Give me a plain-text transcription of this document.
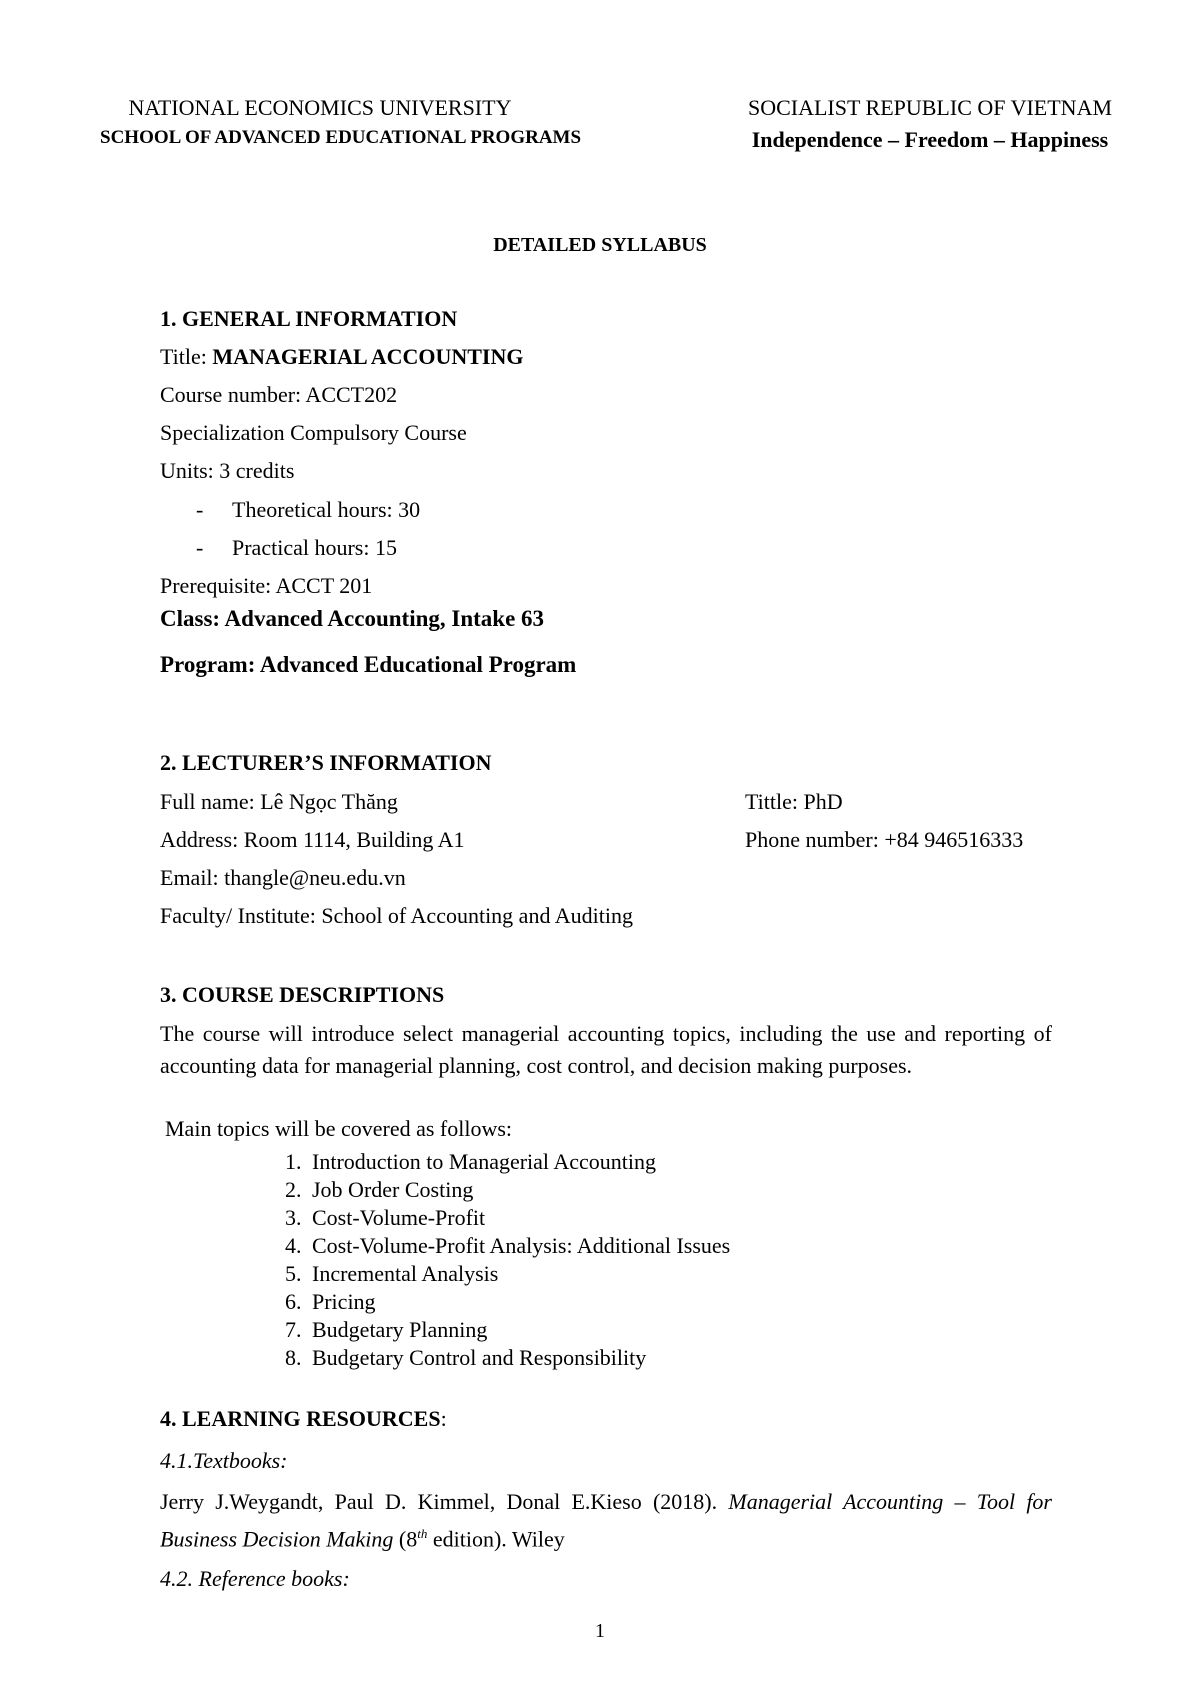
NATIONAL ECONOMICS UNIVERSITY
SCHOOL OF ADVANCED EDUCATIONAL PROGRAMS
SOCIALIST REPUBLIC OF VIETNAM
Independence – Freedom – Happiness
DETAILED SYLLABUS
1. GENERAL INFORMATION
Title: MANAGERIAL ACCOUNTING
Course number: ACCT202
Specialization Compulsory Course
Units: 3 credits
- Theoretical hours: 30
- Practical hours: 15
Prerequisite: ACCT 201
Class: Advanced Accounting, Intake 63
Program: Advanced Educational Program
2. LECTURER’S INFORMATION
Full name: Lê Ngọc Thăng	Tittle: PhD
Address: Room 1114, Building A1	Phone number: +84 946516333
Email: thangle@neu.edu.vn
Faculty/ Institute: School of Accounting and Auditing
3. COURSE DESCRIPTIONS
The course will introduce select managerial accounting topics, including the use and reporting of accounting data for managerial planning, cost control, and decision making purposes.
Main topics will be covered as follows:
1. Introduction to Managerial Accounting
2. Job Order Costing
3. Cost-Volume-Profit
4. Cost-Volume-Profit Analysis: Additional Issues
5. Incremental Analysis
6. Pricing
7. Budgetary Planning
8. Budgetary Control and Responsibility
4. LEARNING RESOURCES:
4.1.Textbooks:
Jerry J.Weygandt, Paul D. Kimmel, Donal E.Kieso (2018). Managerial Accounting – Tool for Business Decision Making (8th edition). Wiley
4.2. Reference books:
1
